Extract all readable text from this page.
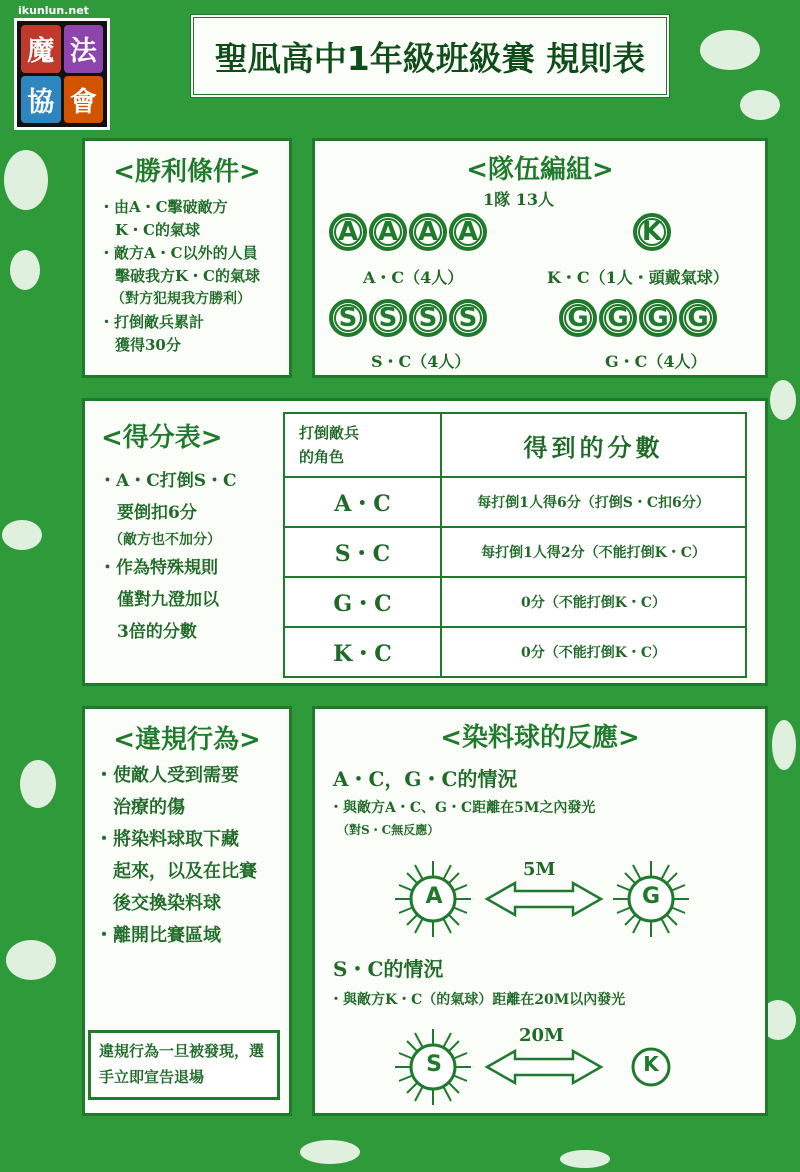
ikunlun.net
魔 法
協 會
聖凪高中1年級班級賽 規則表
<勝利條件>
・由A・C擊破敵方
K・C的氣球
・敵方A・C以外的人員
擊破我方K・C的氣球
（對方犯規我方勝利）
・打倒敵兵累計
獲得30分
<隊伍編組>
1隊 13人
A A A A	K
A・C（4人）	K・C（1人・頭戴氣球）
S S S S	G G G G
S・C（4人）	G・C（4人）
<得分表>
・A・C打倒S・C
要倒扣6分
（敵方也不加分）
・作為特殊規則
僅對九澄加以
3倍的分數
打倒敵兵
的角色	得到的分數
A・C	每打倒1人得6分（打倒S・C扣6分）
S・C	每打倒1人得2分（不能打倒K・C）
G・C	0分（不能打倒K・C）
K・C	0分（不能打倒K・C）
<違規行為>
・使敵人受到需要
治療的傷
・將染料球取下藏
起來，以及在比賽
後交換染料球
・離開比賽區域
違規行為一旦被發現，選手立即宣告退場
<染料球的反應>
A・C，G・C的情況
・與敵方A・C、G・C距離在5M之內發光
（對S・C無反應）
A	G
5M
S・C的情況
・與敵方K・C（的氣球）距離在20M以內發光
S	K
20M
